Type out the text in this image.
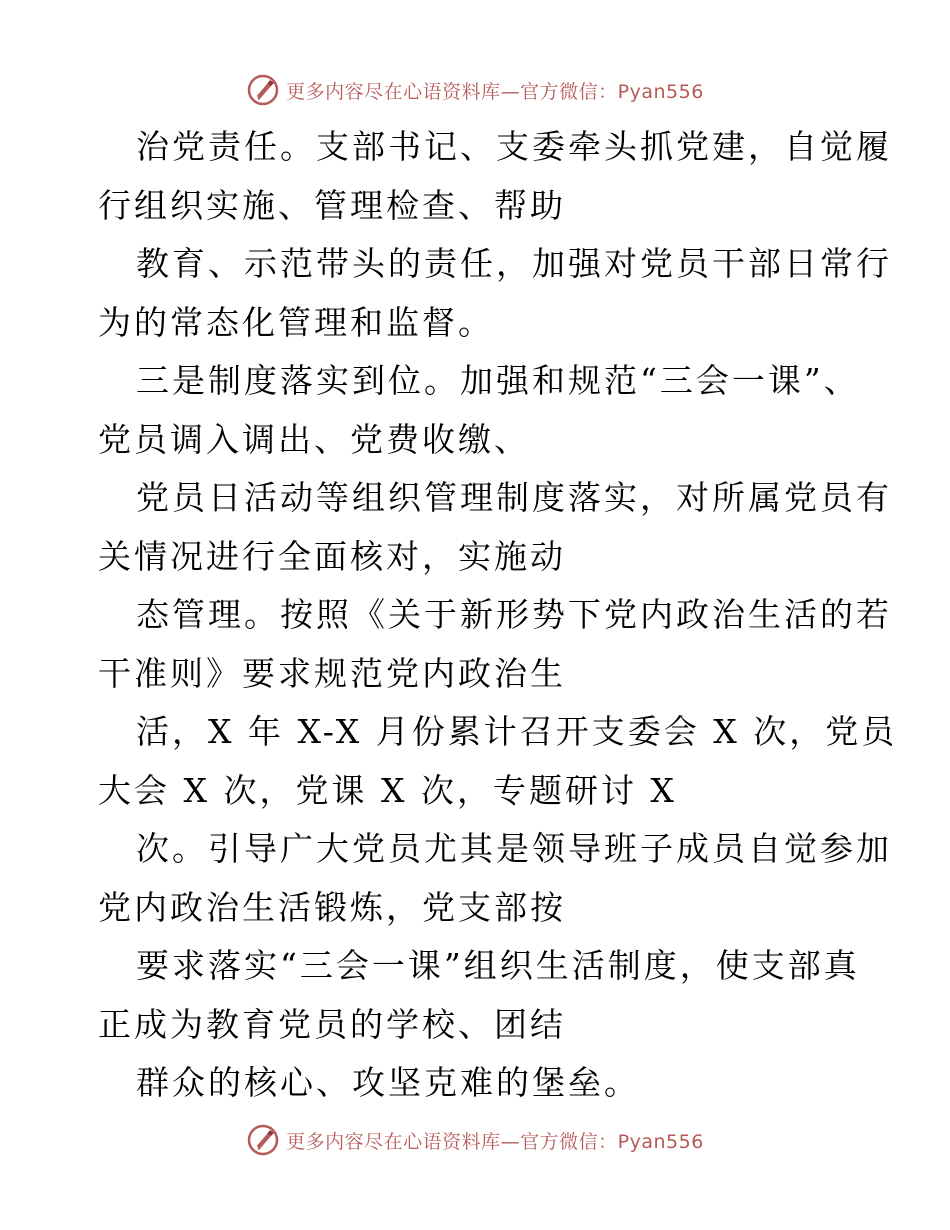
更多内容尽在心语资料库—官方微信：Pyan556
治党责任。支部书记、支委牵头抓党建，自觉履
行组织实施、管理检查、帮助
教育、示范带头的责任，加强对党员干部日常行
为的常态化管理和监督。
三是制度落实到位。加强和规范“三会一课”、
党员调入调出、党费收缴、
党员日活动等组织管理制度落实，对所属党员有
关情况进行全面核对，实施动
态管理。按照《关于新形势下党内政治生活的若
干准则》要求规范党内政治生
活，X 年 X-X 月份累计召开支委会 X 次，党员
大会 X 次，党课 X 次，专题研讨 X
次。引导广大党员尤其是领导班子成员自觉参加
党内政治生活锻炼，党支部按
要求落实“三会一课”组织生活制度，使支部真
正成为教育党员的学校、团结
群众的核心、攻坚克难的堡垒。
更多内容尽在心语资料库—官方微信：Pyan556
